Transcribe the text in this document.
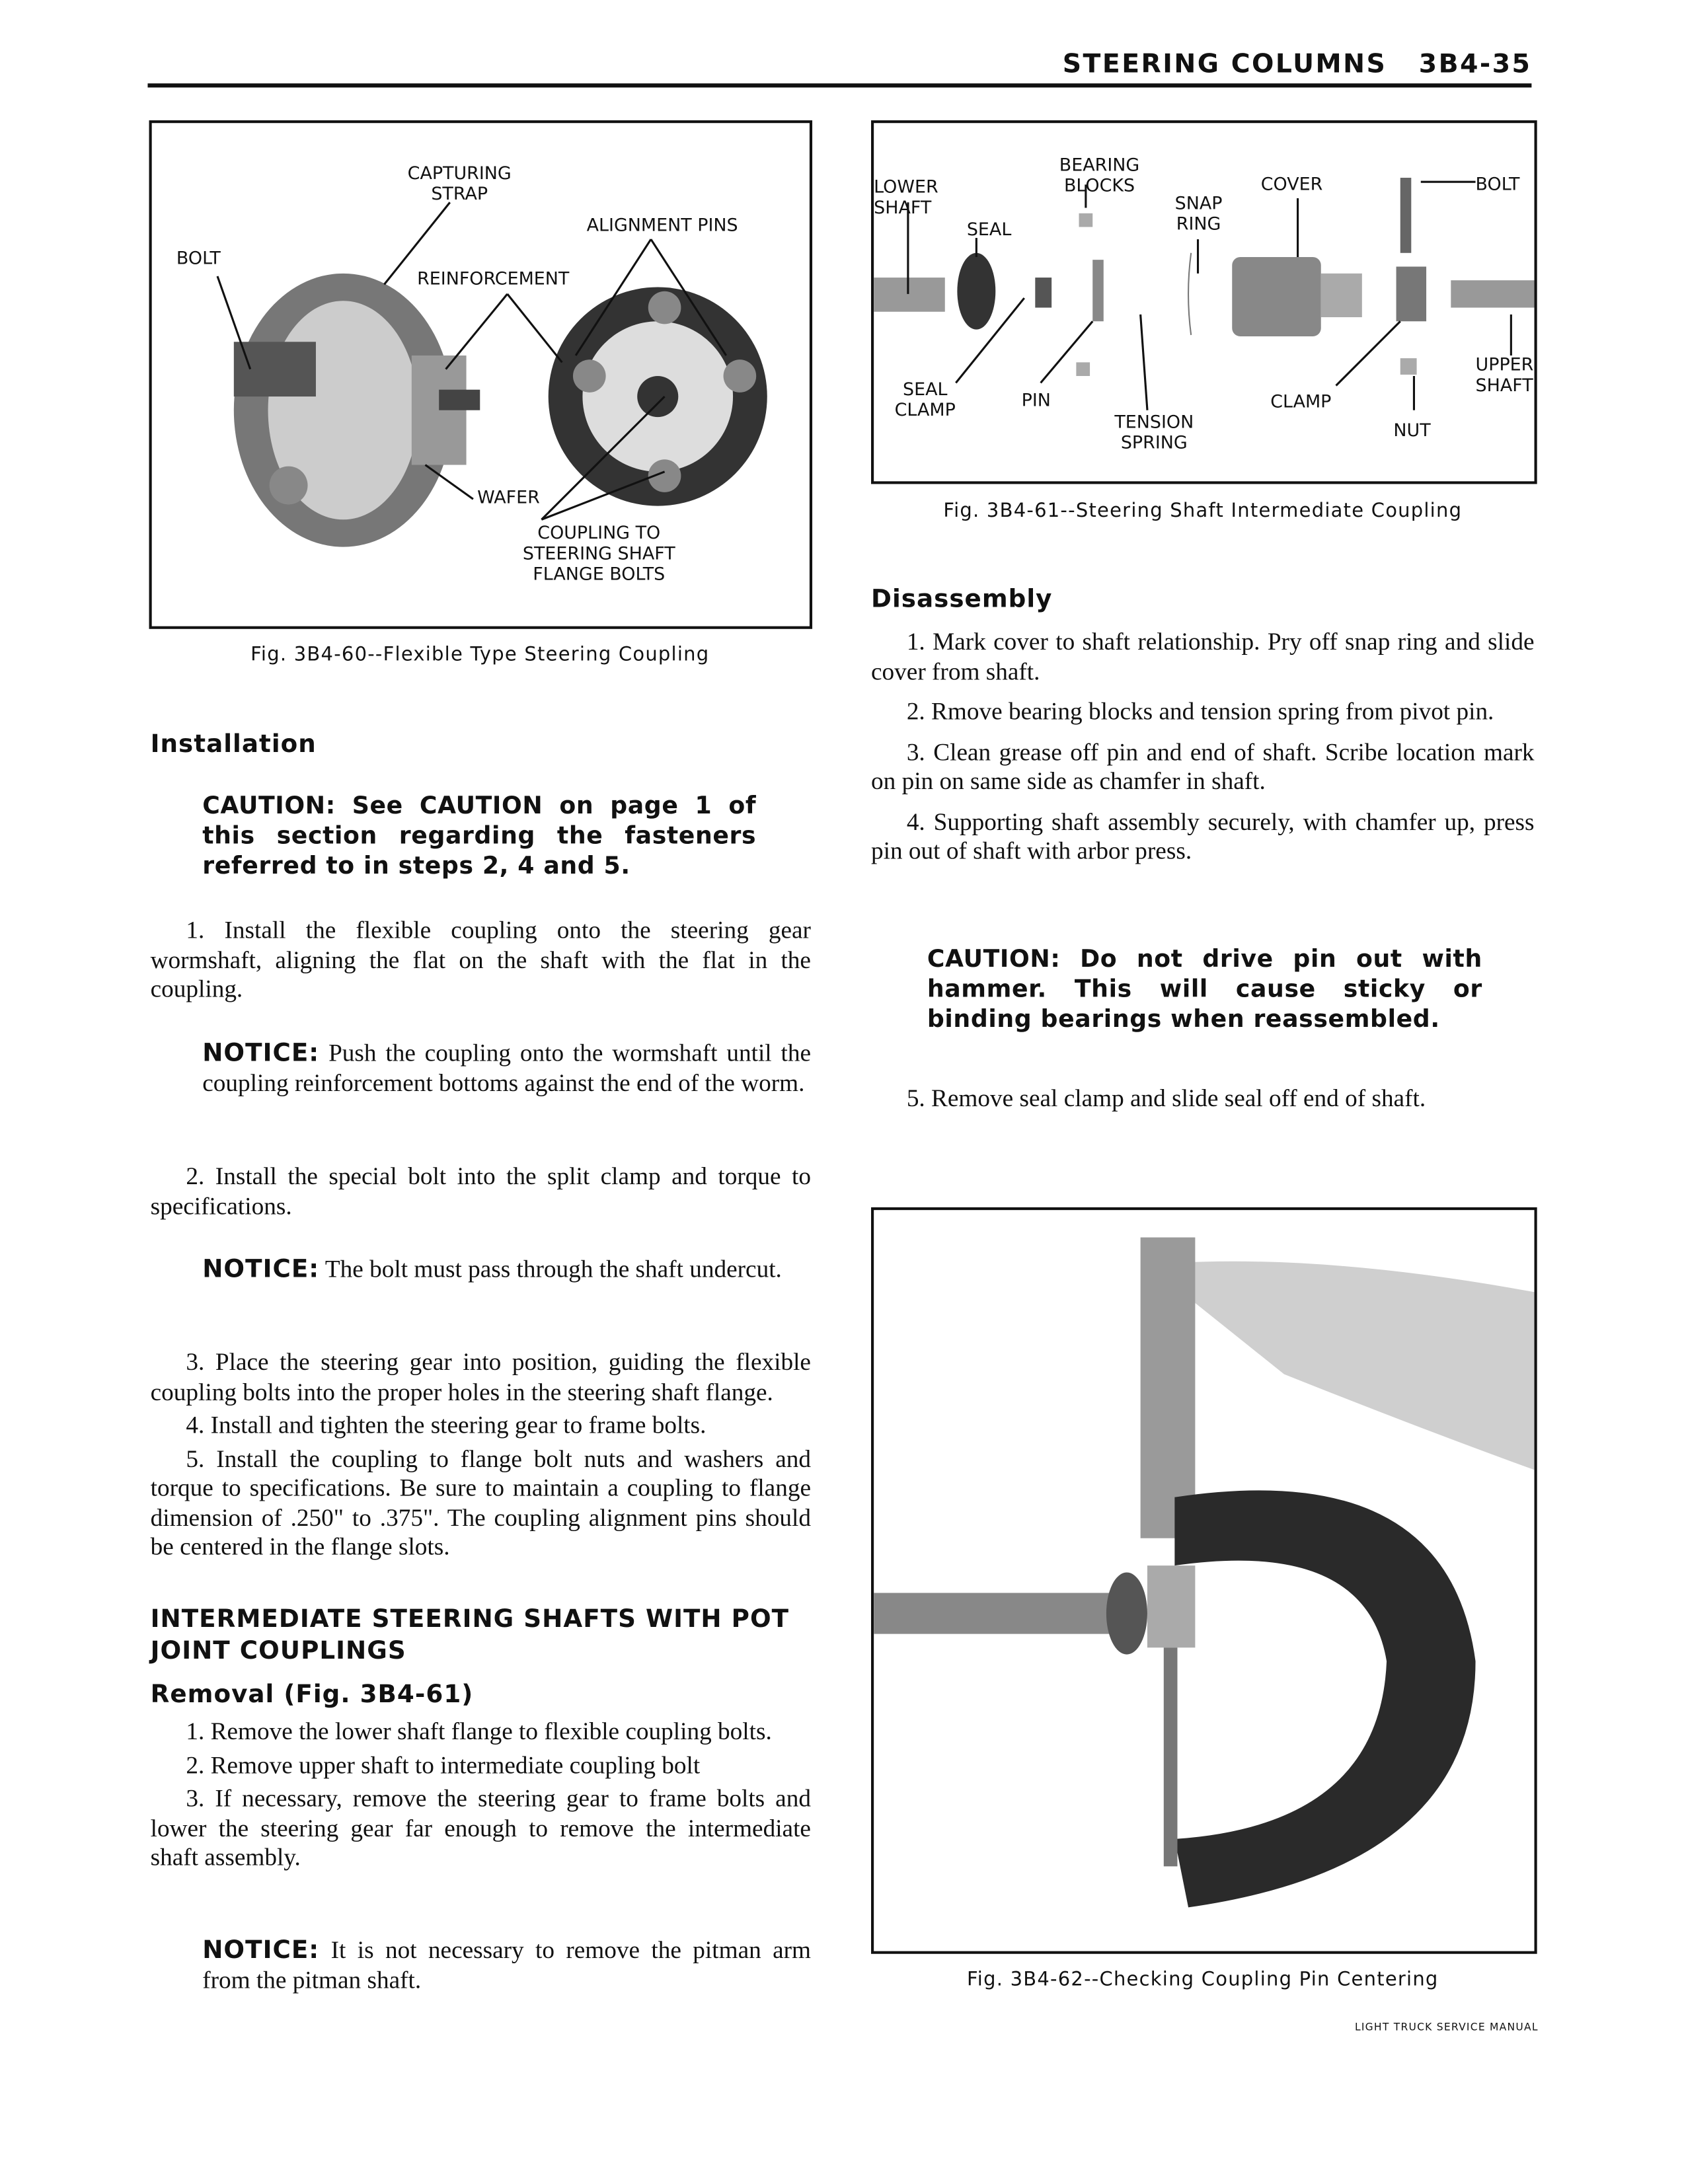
STEERING COLUMNS	3B4-35
CAPTURING STRAP
ALIGNMENT PINS
BOLT
REINFORCEMENT
WAFER
COUPLING TO STEERING SHAFT FLANGE BOLTS
Fig. 3B4-60--Flexible Type Steering Coupling
LOWER SHAFT
BEARING BLOCKS
SEAL
SNAP RING
COVER	BOLT
SEAL CLAMP	PIN
TENSION SPRING
CLAMP
NUT
UPPER SHAFT
Fig. 3B4-61--Steering Shaft Intermediate Coupling
Fig. 3B4-62--Checking Coupling Pin Centering
Installation
CAUTION: See CAUTION on page 1 of this section regarding the fasteners referred to in steps 2, 4 and 5.

1. Install the flexible coupling onto the steering gear wormshaft, aligning the flat on the shaft with the flat in the coupling.

NOTICE: Push the coupling onto the wormshaft until the coupling reinforcement bottoms against the end of the worm.

2. Install the special bolt into the split clamp and torque to specifications.

NOTICE: The bolt must pass through the shaft undercut.

3. Place the steering gear into position, guiding the flexible coupling bolts into the proper holes in the steering shaft flange.

4. Install and tighten the steering gear to frame bolts.

5. Install the coupling to flange bolt nuts and washers and torque to specifications. Be sure to maintain a coupling to flange dimension of .250" to .375". The coupling alignment pins should be centered in the flange slots.

INTERMEDIATE STEERING SHAFTS WITH POT JOINT COUPLINGS
Removal (Fig. 3B4-61)

1. Remove the lower shaft flange to flexible coupling bolts.

2. Remove upper shaft to intermediate coupling bolt

3. If necessary, remove the steering gear to frame bolts and lower the steering gear far enough to remove the intermediate shaft assembly.

NOTICE: It is not necessary to remove the pitman arm from the pitman shaft.
Disassembly

1. Mark cover to shaft relationship. Pry off snap ring and slide cover from shaft.

2. Rmove bearing blocks and tension spring from pivot pin.

3. Clean grease off pin and end of shaft. Scribe location mark on pin on same side as chamfer in shaft.

4. Supporting shaft assembly securely, with chamfer up, press pin out of shaft with arbor press.

CAUTION: Do not drive pin out with hammer. This will cause sticky or binding bearings when reassembled.

5. Remove seal clamp and slide seal off end of shaft.

LIGHT TRUCK SERVICE MANUAL
